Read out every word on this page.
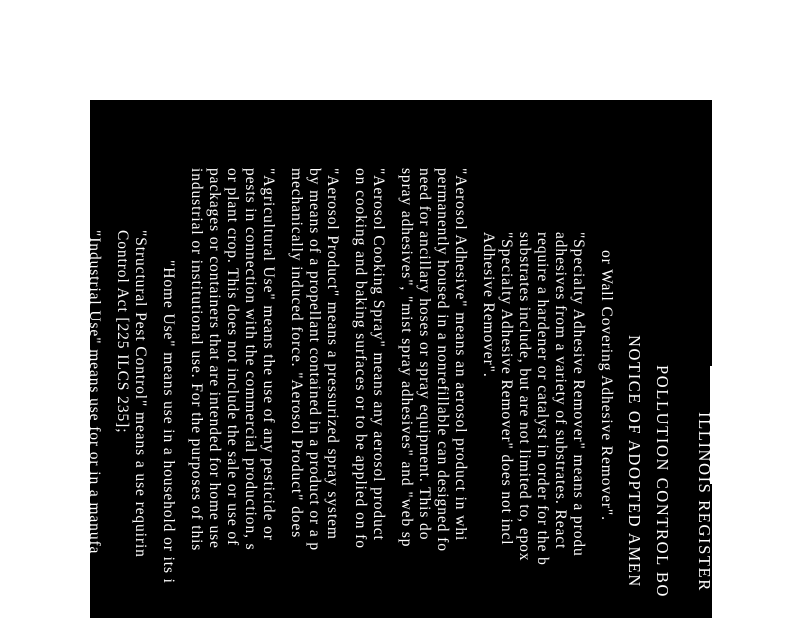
ILLINOIS REGISTER
POLLUTION CONTROL BO
NOTICE OF ADOPTED AMEN
or Wall Covering Adhesive Remover".
"Specialty Adhesive Remover" means a produ
adhesives from a variety of substrates. React
require a hardener or catalyst in order for the b
substrates include, but are not limited to, epox
"Specialty Adhesive Remover" does not incl
Adhesive Remover".
"Aerosol Adhesive" means an aerosol product in whi
permanently housed in a nonrefillable can designed fo
need for ancillary hoses or spray equipment. This do
spray adhesives", "mist spray adhesives" and "web sp
"Aerosol Cooking Spray" means any aerosol product
on cooking and baking surfaces or to be applied on fo
"Aerosol Product" means a pressurized spray system
by means of a propellant contained in a product or a p
mechanically induced force. "Aerosol Product" does
"Agricultural Use" means the use of any pesticide or
pests in connection with the commercial production, s
or plant crop. This does not include the sale or use of
packages or containers that are intended for home use
industrial or institutional use. For the purposes of this
"Home Use" means use in a household or its i
"Structural Pest Control" means a use requirin
Control Act [225 ILCS 235];
"Industrial Use" means use for or in a manufa
or use in the operation of factories, processing
"Institutional Use" means use within the lines
operation of buildings such as hospitals, scho
office complexes.
